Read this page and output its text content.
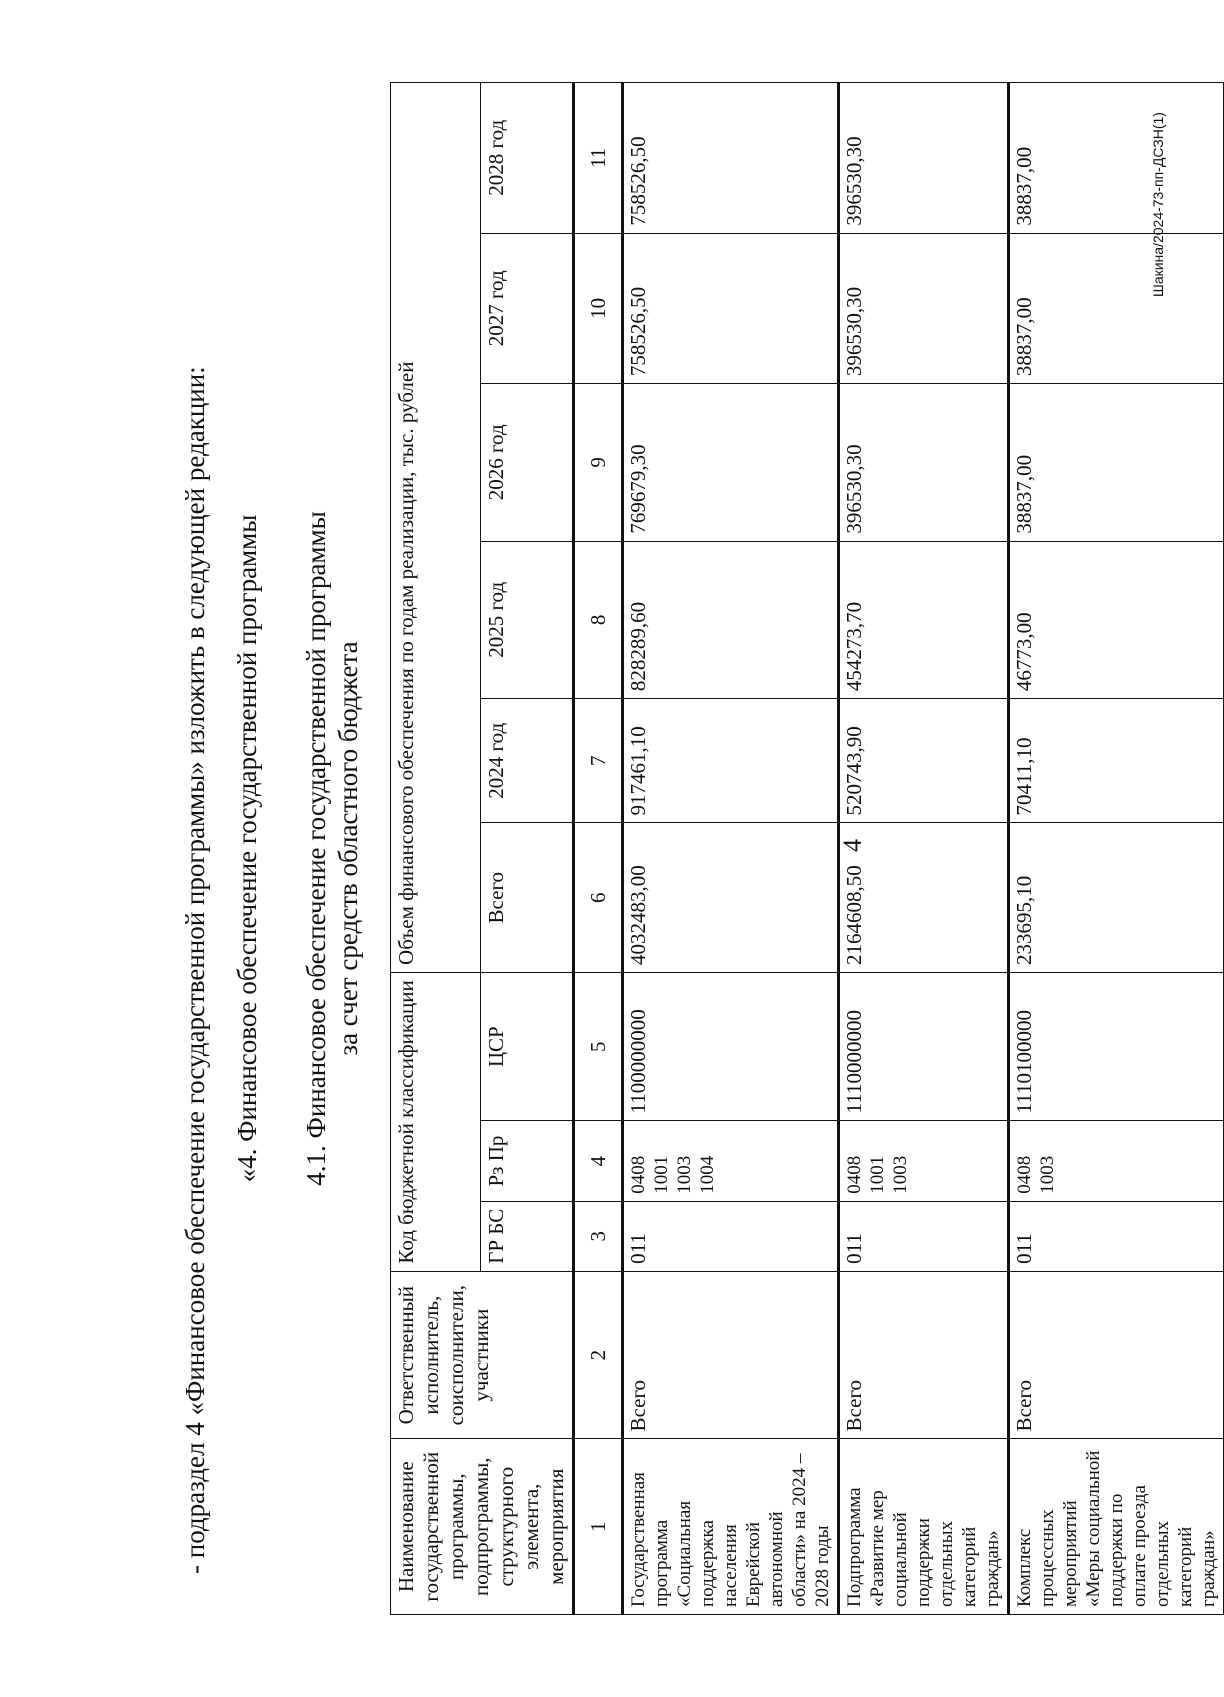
4
- подраздел 4 «Финансовое обеспечение государственной программы» изложить в следующей редакции: «4. Финансовое обеспечение государственной программы 4.1. Финансовое обеспечение государственной программы за счет средств областного бюджета
Наименование государственной программы, подпрограммы, структурного элемента, мероприятия	Ответственный исполнитель, соисполнители, участники	Код бюджетной классификации			Объем финансового обеспечения по годам реализации, тыс. рублей					
		ГР БС	Рз Пр	ЦСР	Всего	2024 год	2025 год	2026 год	2027 год	2028 год
1	2	3	4	5	6	7	8	9	10	11
Государственная программа «Социальная поддержка населения Еврейской автономной области» на 2024 – 2028 годы	Всего	011	0408 1001 1003 1004	1100000000	4032483,00	917461,10	828289,60	769679,30	758526,50	758526,50
Подпрограмма «Развитие мер социальной поддержки отдельных категорий граждан»	Всего	011	0408 1001 1003	1110000000	2164608,50	520743,90	454273,70	396530,30	396530,30	396530,30
Комплекс процессных мероприятий «Меры социальной поддержки по оплате проезда отдельных категорий граждан»	Всего	011	0408 1003	1110100000	233695,10	70411,10	46773,00	38837,00	38837,00	38837,00	Шакина/2024-73-пп-ДСЗН(1)
